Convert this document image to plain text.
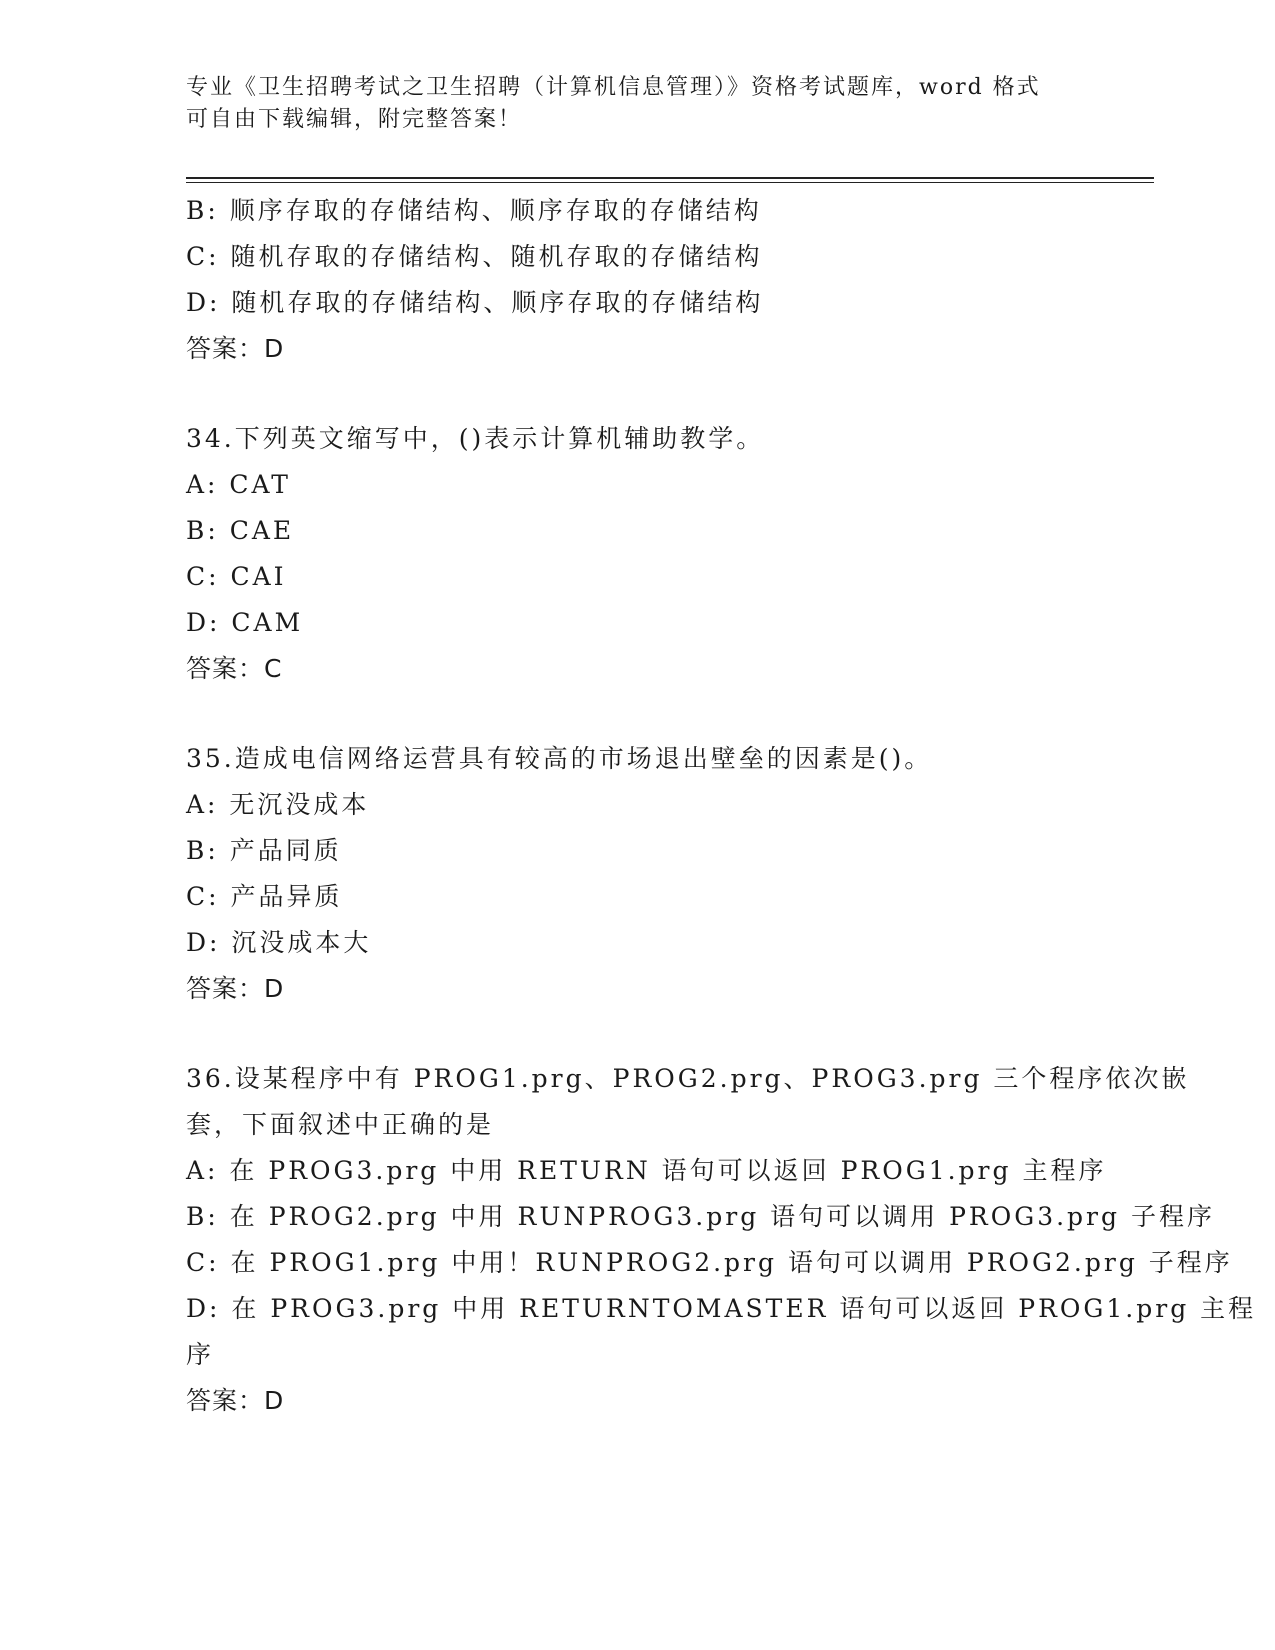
专业《卫生招聘考试之卫生招聘（计算机信息管理）》资格考试题库，word 格式
可自由下载编辑，附完整答案！
B: 顺序存取的存储结构、顺序存取的存储结构
C: 随机存取的存储结构、随机存取的存储结构
D: 随机存取的存储结构、顺序存取的存储结构
答案：D
34.下列英文缩写中，()表示计算机辅助教学。
A: CAT
B: CAE
C: CAI
D: CAM
答案：C
35.造成电信网络运营具有较高的市场退出壁垒的因素是()。
A: 无沉没成本
B: 产品同质
C: 产品异质
D: 沉没成本大
答案：D
36.设某程序中有 PROG1.prg、PROG2.prg、PROG3.prg 三个程序依次嵌
套，下面叙述中正确的是
A: 在 PROG3.prg 中用 RETURN 语句可以返回 PROG1.prg 主程序
B: 在 PROG2.prg 中用 RUNPROG3.prg 语句可以调用 PROG3.prg 子程序
C: 在 PROG1.prg 中用！RUNPROG2.prg 语句可以调用 PROG2.prg 子程序
D: 在 PROG3.prg 中用 RETURNTOMASTER 语句可以返回 PROG1.prg 主程
序
答案：D
